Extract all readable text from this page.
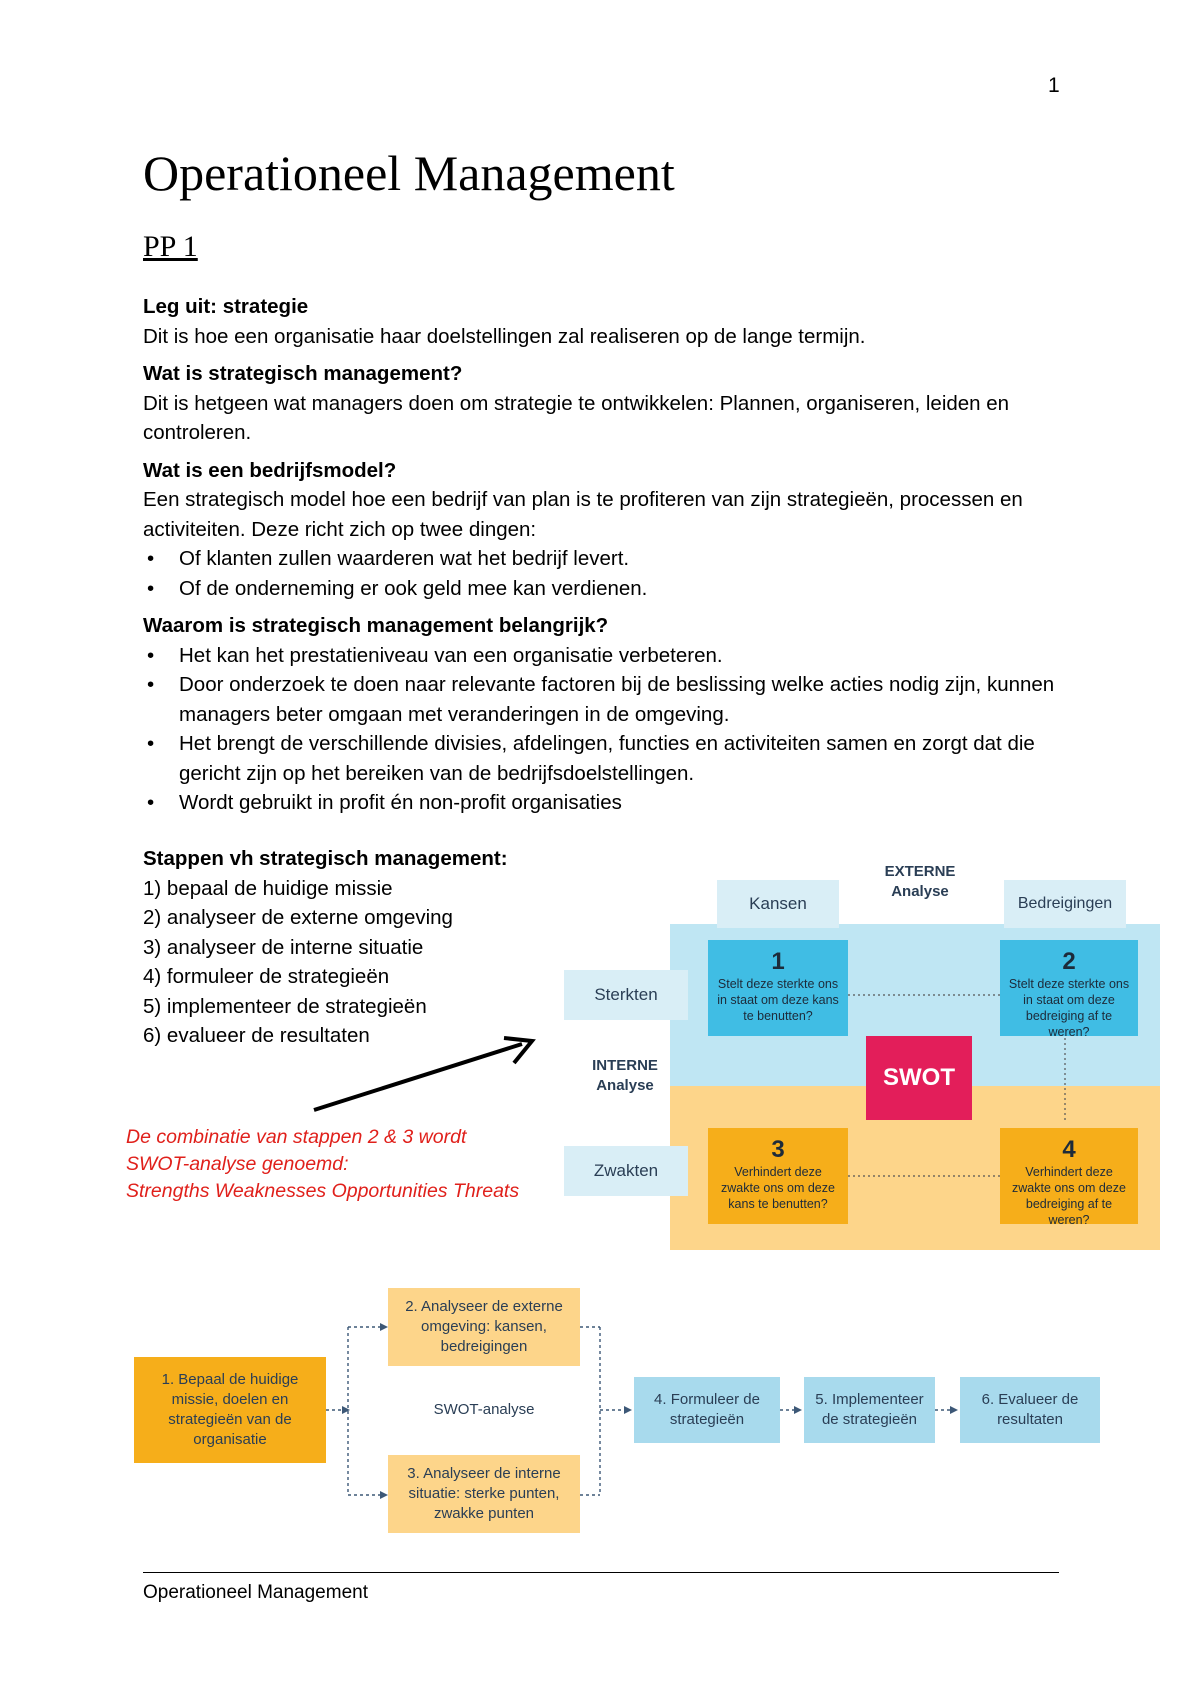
1
Operationeel Management
PP 1

Leg uit: strategie
Dit is hoe een organisatie haar doelstellingen zal realiseren op de lange termijn.

Wat is strategisch management?
Dit is hetgeen wat managers doen om strategie te ontwikkelen: Plannen, organiseren, leiden en controleren.

Wat is een bedrijfsmodel?
Een strategisch model hoe een bedrijf van plan is te profiteren van zijn strategieën, processen en activiteiten. Deze richt zich op twee dingen:

• Of klanten zullen waarderen wat het bedrijf levert.
• Of de onderneming er ook geld mee kan verdienen.

Waarom is strategisch management belangrijk?

• Het kan het prestatieniveau van een organisatie verbeteren.
• Door onderzoek te doen naar relevante factoren bij de beslissing welke acties nodig zijn, kunnen managers beter omgaan met veranderingen in de omgeving.
• Het brengt de verschillende divisies, afdelingen, functies en activiteiten samen en zorgt dat die gericht zijn op het bereiken van de bedrijfsdoelstellingen.
• Wordt gebruikt in profit én non-profit organisaties
Stappen vh strategisch management:
1) bepaal de huidige missie
2) analyseer de externe omgeving
3) analyseer de interne situatie
4) formuleer de strategieën
5) implementeer de strategieën
6) evalueer de resultaten
De combinatie van stappen 2 & 3 wordt
SWOT-analyse genoemd:
Strengths Weaknesses Opportunities Threats
EXTERNE
Analyse
Kansen	Bedreigingen
Sterkten
Zwakten
INTERNE
Analyse
1
Stelt deze sterkte ons in staat om deze kans te benutten?
2
Stelt deze sterkte ons in staat om deze bedreiging af te weren?
3
Verhindert deze zwakte ons om deze kans te benutten?
4
Verhindert deze zwakte ons om deze bedreiging af te weren?
SWOT
1. Bepaal de huidige missie, doelen en strategieën van de organisatie
2. Analyseer de externe omgeving: kansen, bedreigingen
SWOT-analyse
3. Analyseer de interne situatie: sterke punten, zwakke punten
4. Formuleer de strategieën
5. Implementeer de strategieën
6. Evalueer de resultaten
Operationeel Management
